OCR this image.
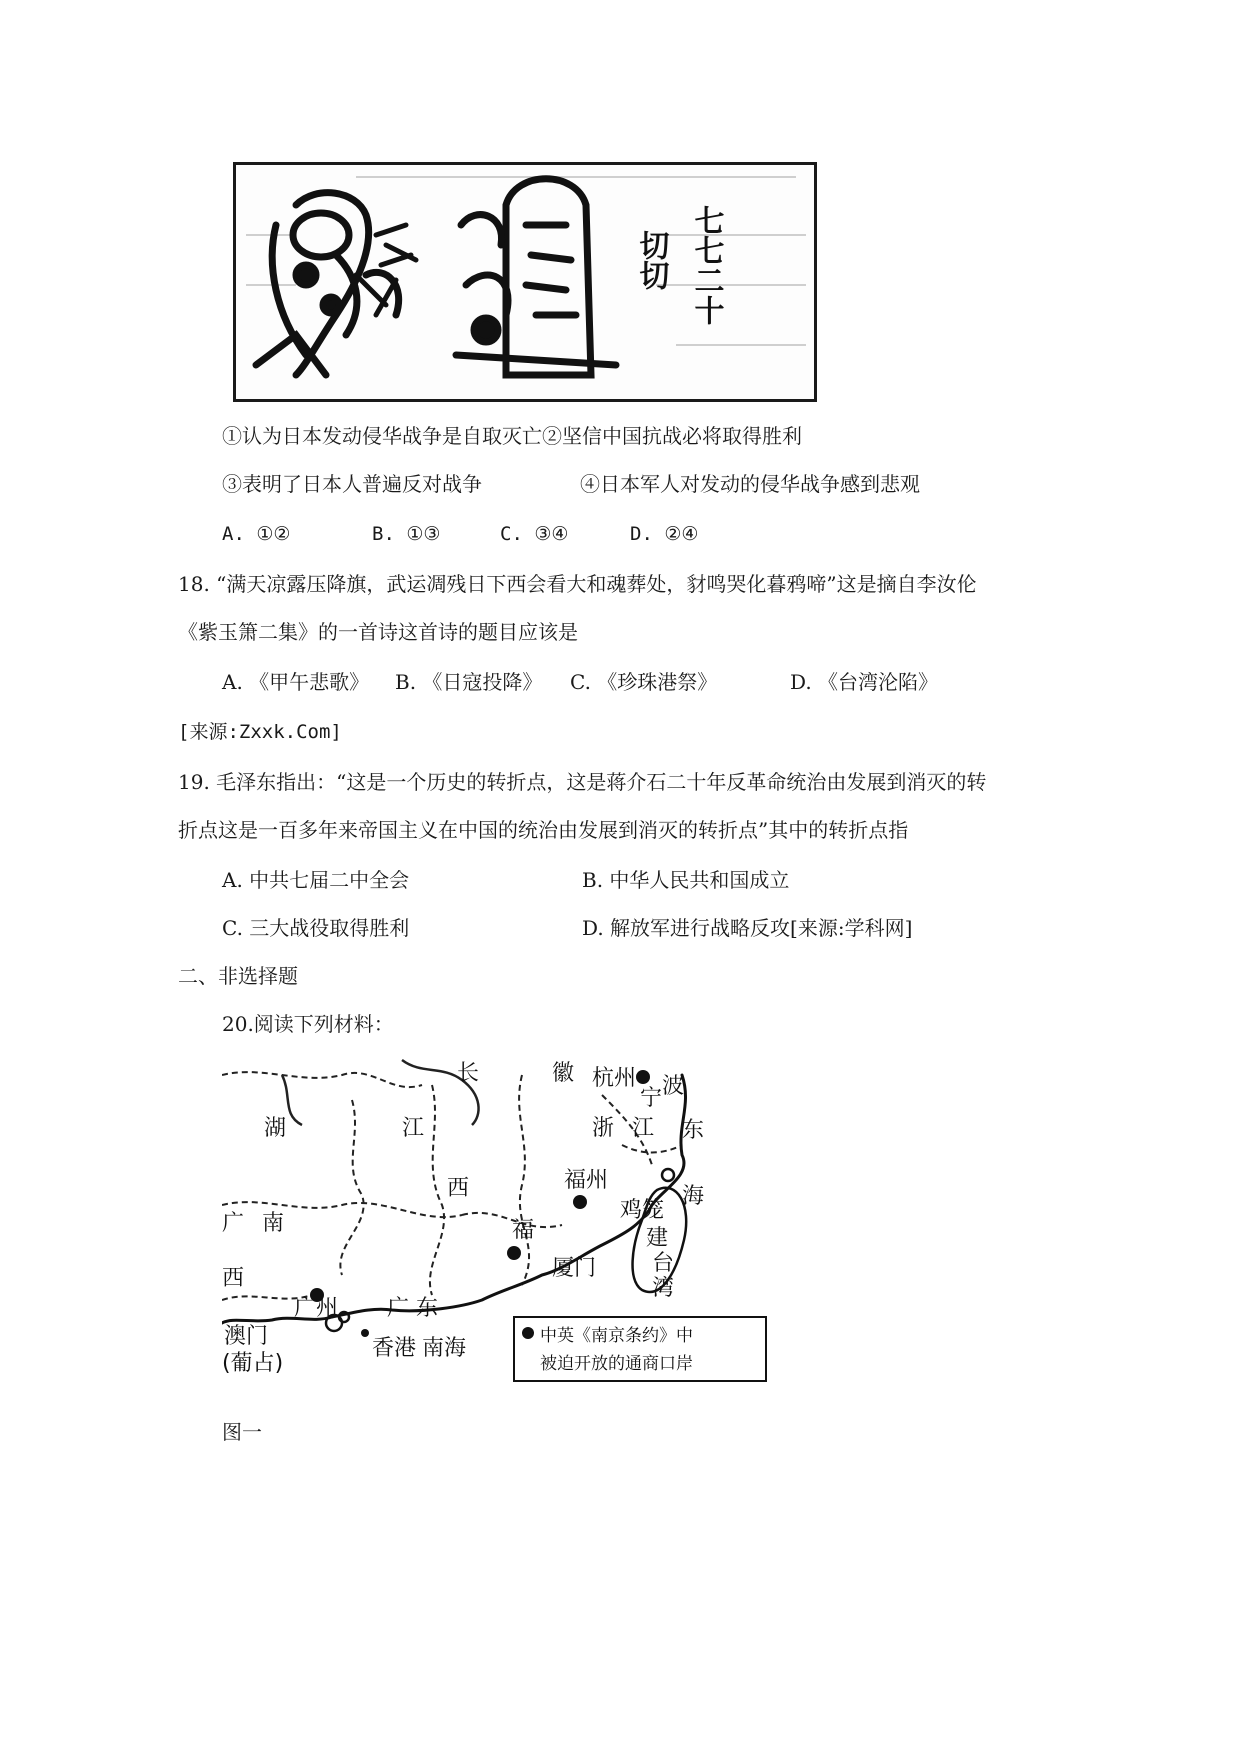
七七二十
切切
①认为日本发动侵华战争是自取灭亡②坚信中国抗战必将取得胜利
③表明了日本人普遍反对战争	④日本军人对发动的侵华战争感到悲观
A. ①②	B. ①③	C. ③④	D. ②④
18. “满天凉露压降旗，武运凋残日下西会看大和魂葬处，豺鸣哭化暮鸦啼”这是摘自李汝伦
《紫玉箫二集》的一首诗这首诗的题目应该是
A. 《甲午悲歌》 B. 《日寇投降》 C. 《珍珠港祭》	D. 《台湾沦陷》
[来源:Zxxk.Com]
19. 毛泽东指出：“这是一个历史的转折点，这是蒋介石二十年反革命统治由发展到消灭的转
折点这是一百多年来帝国主义在中国的统治由发展到消灭的转折点”其中的转折点指
A. 中共七届二中全会	B. 中华人民共和国成立
C. 三大战役取得胜利	D. 解放军进行战略反攻[来源:学科网]
二、非选择题
20.阅读下列材料：
长	徽 杭州
宁 波
湖	江	浙 江 东
西	福州
海
广 南
鸡笼
建
福
厦门	台
湾
西
广州 广 东
澳门
(葡占)
香港 南海	中英《南京条约》中
被迫开放的通商口岸
图一
